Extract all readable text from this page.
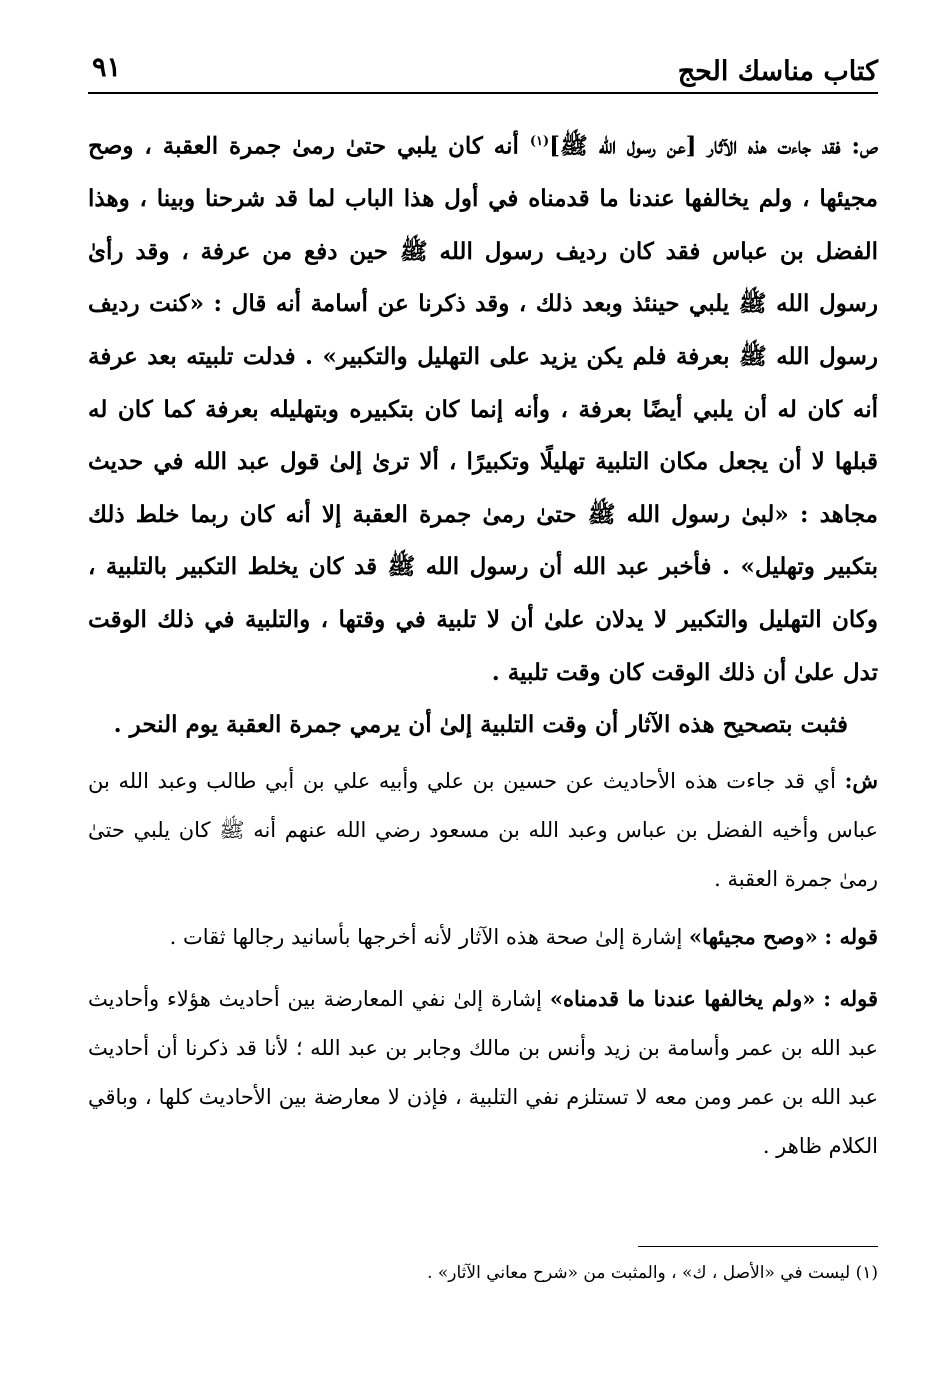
كتاب مناسك الحج
٩١

ص: فقد جاءت هذه الآثار [عن رسول الله ﷺ]$^{(١)}$ أنه كان يلبي حتىٰ رمىٰ جمرة العقبة ، وصح مجيئها ، ولم يخالفها عندنا ما قدمناه في أول هذا الباب لما قد شرحنا وبينا ، وهذا الفضل بن عباس فقد كان رديف رسول الله ﷺ حين دفع من عرفة ، وقد رأىٰ رسول الله ﷺ يلبي حينئذ وبعد ذلك ، وقد ذكرنا عن أسامة أنه قال : «كنت رديف رسول الله ﷺ بعرفة فلم يكن يزيد على التهليل والتكبير» . فدلت تلبيته بعد عرفة أنه كان له أن يلبي أيضًا بعرفة ، وأنه إنما كان بتكبيره وبتهليله بعرفة كما كان له قبلها لا أن يجعل مكان التلبية تهليلًا وتكبيرًا ، ألا ترىٰ إلىٰ قول عبد الله في حديث مجاهد : «لبىٰ رسول الله ﷺ حتىٰ رمىٰ جمرة العقبة إلا أنه كان ربما خلط ذلك بتكبير وتهليل» . فأخبر عبد الله أن رسول الله ﷺ قد كان يخلط التكبير بالتلبية ، وكان التهليل والتكبير لا يدلان علىٰ أن لا تلبية في وقتها ، والتلبية في ذلك الوقت تدل علىٰ أن ذلك الوقت كان وقت تلبية .

فثبت بتصحيح هذه الآثار أن وقت التلبية إلىٰ أن يرمي جمرة العقبة يوم النحر .

ش: أي قد جاءت هذه الأحاديث عن حسين بن علي وأبيه علي بن أبي طالب وعبد الله بن عباس وأخيه الفضل بن عباس وعبد الله بن مسعود رضي الله عنهم أنه ﷺ كان يلبي حتىٰ رمىٰ جمرة العقبة .

قوله : «وصح مجيئها» إشارة إلىٰ صحة هذه الآثار لأنه أخرجها بأسانيد رجالها ثقات .

قوله : «ولم يخالفها عندنا ما قدمناه» إشارة إلىٰ نفي المعارضة بين أحاديث هؤلاء وأحاديث عبد الله بن عمر وأسامة بن زيد وأنس بن مالك وجابر بن عبد الله ؛ لأنا قد ذكرنا أن أحاديث عبد الله بن عمر ومن معه لا تستلزم نفي التلبية ، فإذن لا معارضة بين الأحاديث كلها ، وباقي الكلام ظاهر .

(١) ليست في «الأصل ، ك» ، والمثبت من «شرح معاني الآثار» .
